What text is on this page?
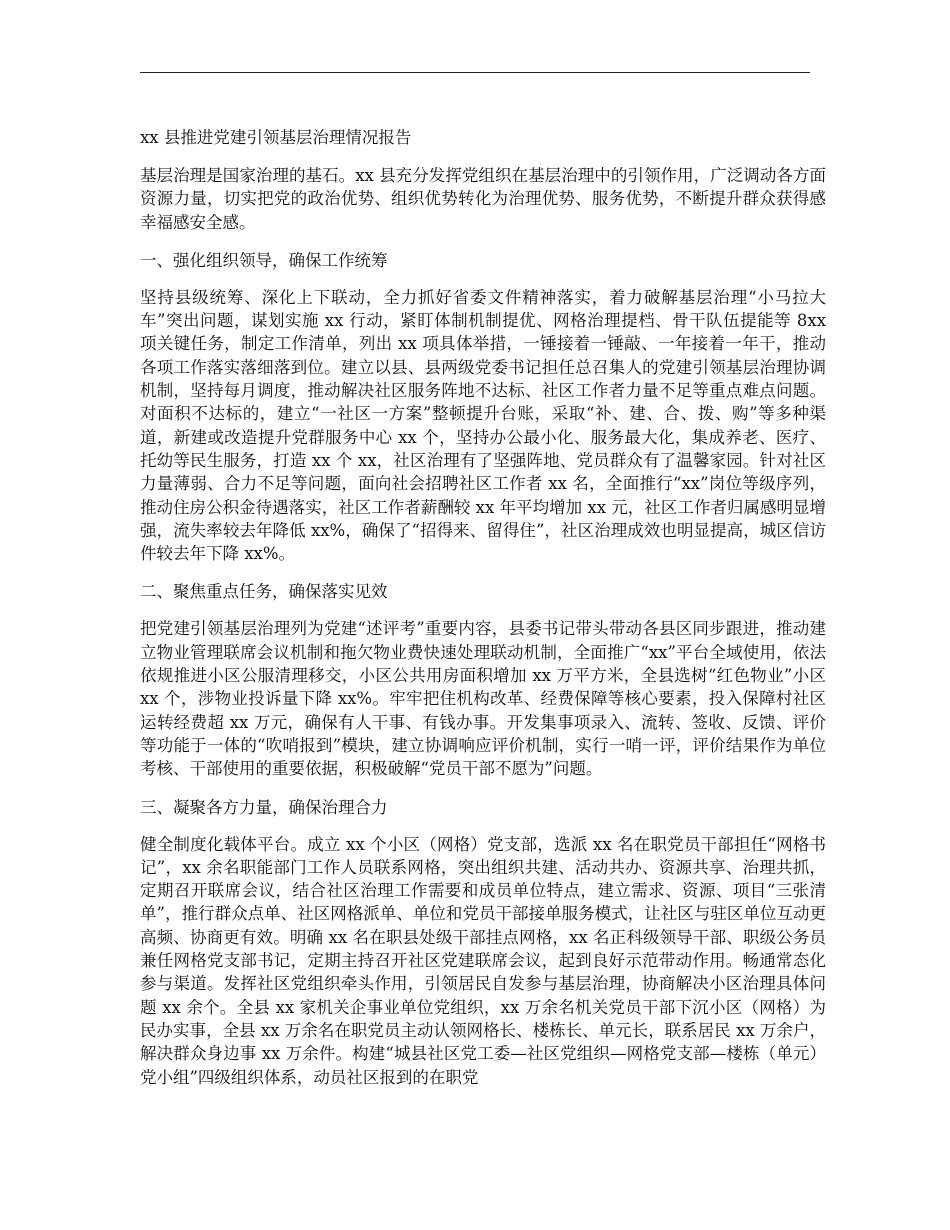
xx 县推进党建引领基层治理情况报告

基层治理是国家治理的基石。xx 县充分发挥党组织在基层治理中的引领作用，广泛调动各方面资源力量，切实把党的政治优势、组织优势转化为治理优势、服务优势，不断提升群众获得感幸福感安全感。

一、强化组织领导，确保工作统筹

坚持县级统筹、深化上下联动，全力抓好省委文件精神落实，着力破解基层治理“小马拉大车”突出问题，谋划实施 xx 行动，紧盯体制机制提优、网格治理提档、骨干队伍提能等 8xx 项关键任务，制定工作清单，列出 xx 项具体举措，一锤接着一锤敲、一年接着一年干，推动各项工作落实落细落到位。建立以县、县两级党委书记担任总召集人的党建引领基层治理协调机制，坚持每月调度，推动解决社区服务阵地不达标、社区工作者力量不足等重点难点问题。对面积不达标的，建立“一社区一方案”整顿提升台账，采取“补、建、合、拨、购”等多种渠道，新建或改造提升党群服务中心 xx 个，坚持办公最小化、服务最大化，集成养老、医疗、托幼等民生服务，打造 xx 个 xx，社区治理有了坚强阵地、党员群众有了温馨家园。针对社区力量薄弱、合力不足等问题，面向社会招聘社区工作者 xx 名，全面推行“xx”岗位等级序列，推动住房公积金待遇落实，社区工作者薪酬较 xx 年平均增加 xx 元，社区工作者归属感明显增强，流失率较去年降低 xx%，确保了“招得来、留得住”，社区治理成效也明显提高，城区信访件较去年下降 xx%。

二、聚焦重点任务，确保落实见效

把党建引领基层治理列为党建“述评考”重要内容，县委书记带头带动各县区同步跟进，推动建立物业管理联席会议机制和拖欠物业费快速处理联动机制，全面推广“xx”平台全域使用，依法依规推进小区公服清理移交，小区公共用房面积增加 xx 万平方米，全县选树“红色物业”小区 xx 个，涉物业投诉量下降 xx%。牢牢把住机构改革、经费保障等核心要素，投入保障村社区运转经费超 xx 万元，确保有人干事、有钱办事。开发集事项录入、流转、签收、反馈、评价等功能于一体的“吹哨报到”模块，建立协调响应评价机制，实行一哨一评，评价结果作为单位考核、干部使用的重要依据，积极破解“党员干部不愿为”问题。

三、凝聚各方力量，确保治理合力

健全制度化载体平台。成立 xx 个小区（网格）党支部，选派 xx 名在职党员干部担任“网格书记”，xx 余名职能部门工作人员联系网格，突出组织共建、活动共办、资源共享、治理共抓，定期召开联席会议，结合社区治理工作需要和成员单位特点，建立需求、资源、项目“三张清单”，推行群众点单、社区网格派单、单位和党员干部接单服务模式，让社区与驻区单位互动更高频、协商更有效。明确 xx 名在职县处级干部挂点网格，xx 名正科级领导干部、职级公务员兼任网格党支部书记，定期主持召开社区党建联席会议，起到良好示范带动作用。畅通常态化参与渠道。发挥社区党组织牵头作用，引领居民自发参与基层治理，协商解决小区治理具体问题 xx 余个。全县 xx 家机关企事业单位党组织，xx 万余名机关党员干部下沉小区（网格）为民办实事，全县 xx 万余名在职党员主动认领网格长、楼栋长、单元长，联系居民 xx 万余户，解决群众身边事 xx 万余件。构建“城县社区党工委—社区党组织—网格党支部—楼栋（单元）党小组”四级组织体系，动员社区报到的在职党
